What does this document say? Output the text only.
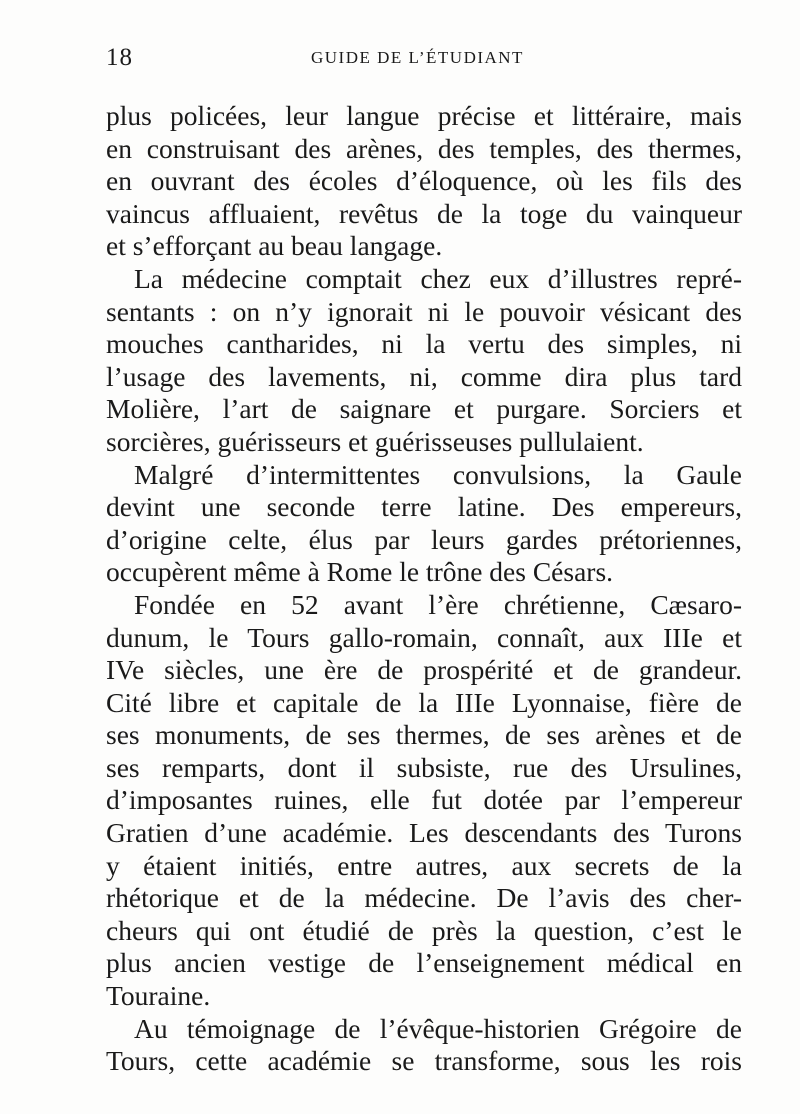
18	GUIDE DE L’ÉTUDIANT
plus policées, leur langue précise et littéraire, mais
en construisant des arènes, des temples, des thermes,
en ouvrant des écoles d’éloquence, où les fils des
vaincus affluaient, revêtus de la toge du vainqueur
et s’efforçant au beau langage.
La médecine comptait chez eux d’illustres repré-
sentants : on n’y ignorait ni le pouvoir vésicant des
mouches cantharides, ni la vertu des simples, ni
l’usage des lavements, ni, comme dira plus tard
Molière, l’art de saignare et purgare. Sorciers et
sorcières, guérisseurs et guérisseuses pullulaient.
Malgré d’intermittentes convulsions, la Gaule
devint une seconde terre latine. Des empereurs,
d’origine celte, élus par leurs gardes prétoriennes,
occupèrent même à Rome le trône des Césars.
Fondée en 52 avant l’ère chrétienne, Cæsaro-
dunum, le Tours gallo-romain, connaît, aux IIIe et
IVe siècles, une ère de prospérité et de grandeur.
Cité libre et capitale de la IIIe Lyonnaise, fière de
ses monuments, de ses thermes, de ses arènes et de
ses remparts, dont il subsiste, rue des Ursulines,
d’imposantes ruines, elle fut dotée par l’empereur
Gratien d’une académie. Les descendants des Turons
y étaient initiés, entre autres, aux secrets de la
rhétorique et de la médecine. De l’avis des cher-
cheurs qui ont étudié de près la question, c’est le
plus ancien vestige de l’enseignement médical en
Touraine.
Au témoignage de l’évêque-historien Grégoire de
Tours, cette académie se transforme, sous les rois
